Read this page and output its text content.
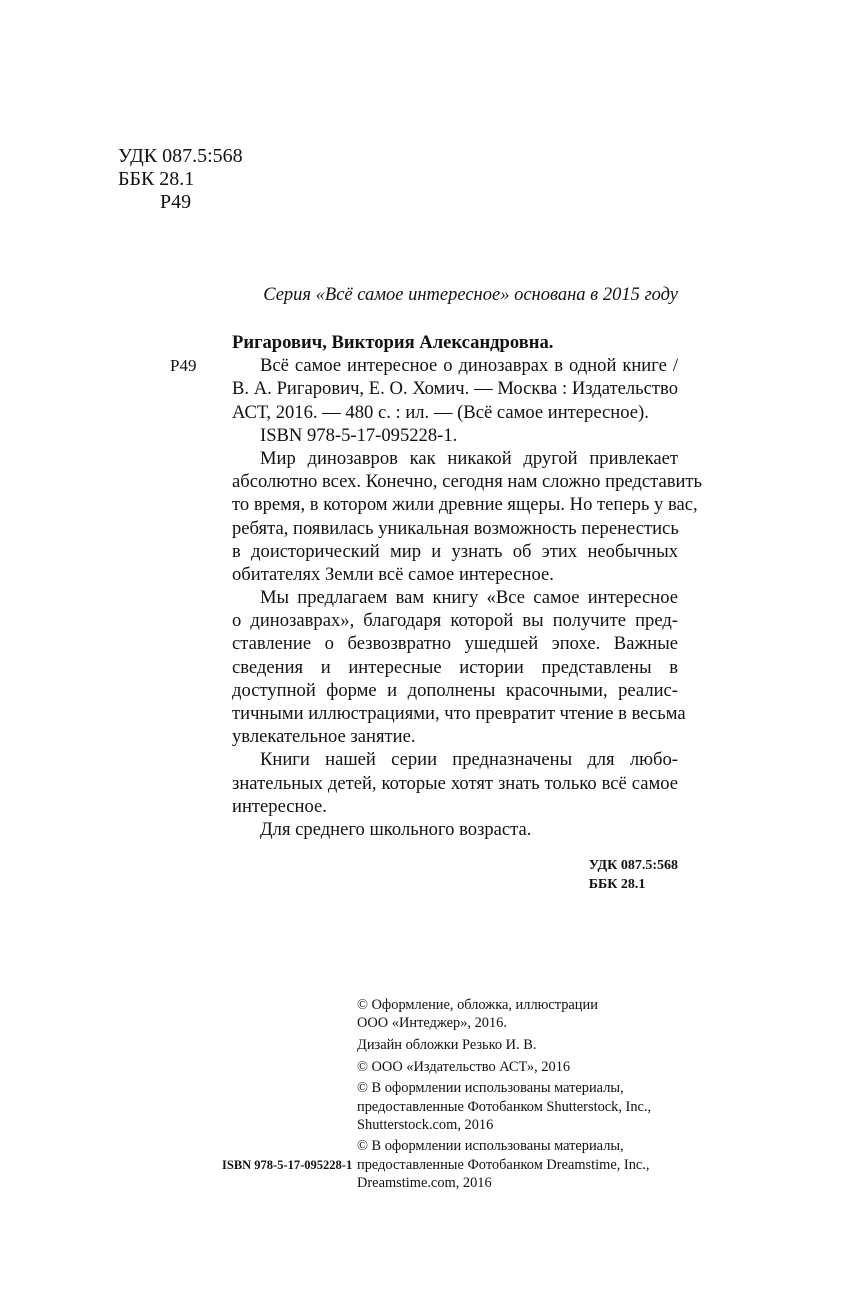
УДК 087.5:568
ББК 28.1
Р49
Серия «Всё самое интересное» основана в 2015 году
Р49
Ригарович, Виктория Александровна.
Всё самое интересное о динозаврах в одной книге /
В. А. Ригарович, Е. О. Хомич. — Москва : Издательство
АСТ, 2016. — 480 с. : ил. — (Всё самое интересное).
ISBN 978-5-17-095228-1.
Мир динозавров как никакой другой привлекает
абсолютно всех. Конечно, сегодня нам сложно представить
то время, в котором жили древние ящеры. Но теперь у вас,
ребята, появилась уникальная возможность перенестись
в доисторический мир и узнать об этих необычных
обитателях Земли всё самое интересное.
Мы предлагаем вам книгу «Все самое интересное
о динозаврах», благодаря которой вы получите пред-
ставление о безвозвратно ушедшей эпохе. Важные
сведения и интересные истории представлены в
доступной форме и дополнены красочными, реалис-
тичными иллюстрациями, что превратит чтение в весьма
увлекательное занятие.
Книги нашей серии предназначены для любо-
знательных детей, которые хотят знать только всё самое
интересное.
Для среднего школьного возраста.
УДК 087.5:568
ББК 28.1
© Оформление, обложка, иллюстрации
ООО «Интеджер», 2016.
Дизайн обложки Резько И. В.
© ООО «Издательство АСТ», 2016
© В оформлении использованы материалы,
предоставленные Фотобанком Shutterstock, Inc.,
Shutterstock.com, 2016
© В оформлении использованы материалы,
предоставленные Фотобанком Dreamstime, Inc.,
Dreamstime.com, 2016
ISBN 978-5-17-095228-1
